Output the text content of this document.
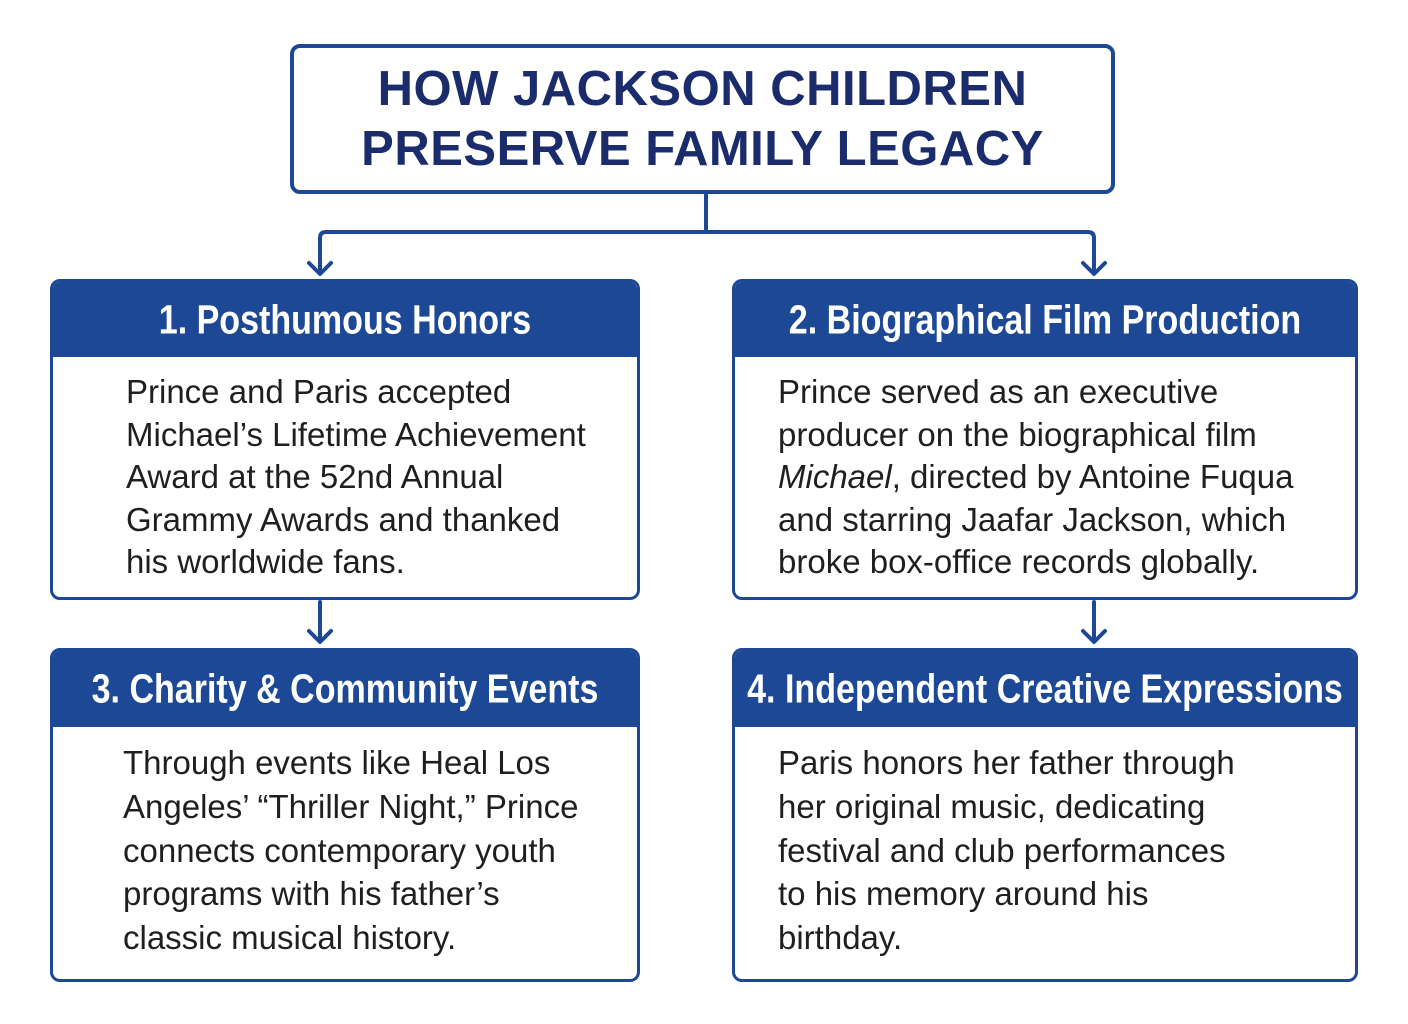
HOW JACKSON CHILDREN
PRESERVE FAMILY LEGACY
1. Posthumous Honors
Prince and Paris accepted
Michael’s Lifetime Achievement
Award at the 52nd Annual
Grammy Awards and thanked
his worldwide fans.
2. Biographical Film Production
Prince served as an executive
producer on the biographical film
Michael, directed by Antoine Fuqua
and starring Jaafar Jackson, which
broke box-office records globally.
3. Charity & Community Events
Through events like Heal Los
Angeles’ “Thriller Night,” Prince
connects contemporary youth
programs with his father’s
classic musical history.
4. Independent Creative Expressions
Paris honors her father through
her original music, dedicating
festival and club performances
to his memory around his
birthday.
